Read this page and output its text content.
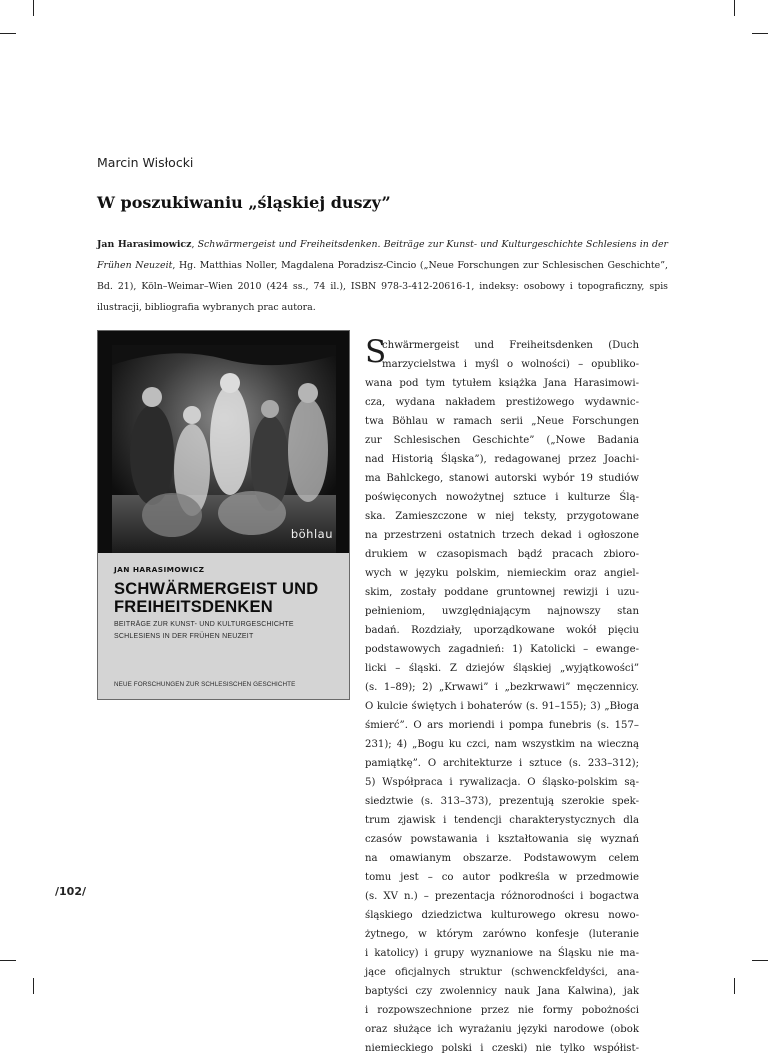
Marcin Wisłocki
W poszukiwaniu „śląskiej duszy”
Jan Harasimowicz, Schwärmergeist und Freiheitsdenken. Beiträge zur Kunst- und Kulturgeschichte Schlesiens in der Frühen Neuzeit, Hg. Matthias Noller, Magdalena Poradzisz-Cincio („Neue Forschungen zur Schlesischen Geschichte”, Bd. 21), Köln–Weimar–Wien 2010 (424 ss., 74 il.), ISBN 978-3-412-20616-1, indeksy: osobowy i topograficzny, spis ilustracji, bibliografia wybranych prac autora.
böhlau
JAN HARASIMOWICZ
SCHWÄRMERGEIST UND
FREIHEITSDENKEN
BEITRÄGE ZUR KUNST- UND KULTURGESCHICHTE
SCHLESIENS IN DER FRÜHEN NEUZEIT
NEUE FORSCHUNGEN ZUR SCHLESISCHEN GESCHICHTE
/102/
S
chwärmergeist und Freiheitsdenken (Duch
marzycielstwa i myśl o wolności) – opubliko-
wana pod tym tytułem książka Jana Harasimowi-
cza, wydana nakładem prestiżowego wydawnic-
twa Böhlau w ramach serii „Neue Forschungen
zur Schlesischen Geschichte” („Nowe Badania
nad Historią Śląska”), redagowanej przez Joachi-
ma Bahlckego, stanowi autorski wybór 19 studiów
poświęconych nowożytnej sztuce i kulturze Ślą-
ska. Zamieszczone w niej teksty, przygotowane
na przestrzeni ostatnich trzech dekad i ogłoszone
drukiem w czasopismach bądź pracach zbioro-
wych w języku polskim, niemieckim oraz angiel-
skim, zostały poddane gruntownej rewizji i uzu-
pełnieniom, uwzględniającym najnowszy stan
badań. Rozdziały, uporządkowane wokół pięciu
podstawowych zagadnień: 1) Katolicki – ewange-
licki – śląski. Z dziejów śląskiej „wyjątkowości”
(s. 1–89); 2) „Krwawi” i „bezkrwawi” męczennicy.
O kulcie świętych i bohaterów (s. 91–155); 3) „Błoga
śmierć”. O ars moriendi i pompa funebris (s. 157–
231); 4) „Bogu ku czci, nam wszystkim na wieczną
pamiątkę”. O architekturze i sztuce (s. 233–312);
5) Współpraca i rywalizacja. O śląsko-polskim są-
siedztwie (s. 313–373), prezentują szerokie spek-
trum zjawisk i tendencji charakterystycznych dla
czasów powstawania i kształtowania się wyznań
na omawianym obszarze. Podstawowym celem
tomu jest – co autor podkreśla w przedmowie
(s. XV n.) – prezentacja różnorodności i bogactwa
śląskiego dziedzictwa kulturowego okresu nowo-
żytnego, w którym zarówno konfesje (luteranie
i katolicy) i grupy wyznaniowe na Śląsku nie ma-
jące oficjalnych struktur (schwenckfeldyści, ana-
baptyści czy zwolennicy nauk Jana Kalwina), jak
i rozpowszechnione przez nie formy pobożności
oraz służące ich wyrażaniu języki narodowe (obok
niemieckiego polski i czeski) nie tylko współist-
